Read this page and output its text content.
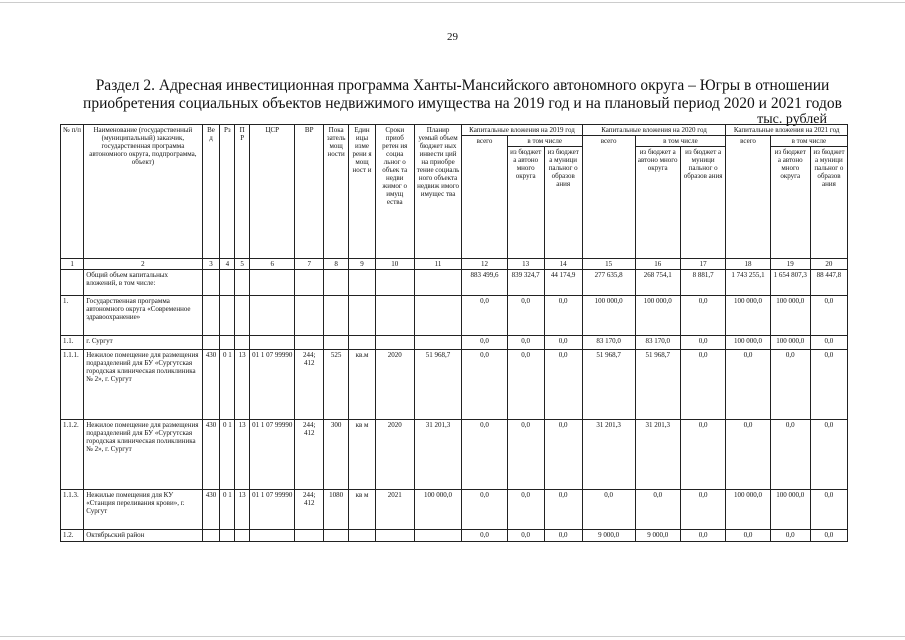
29
Раздел 2. Адресная инвестиционная программа Ханты-Мансийского автономного округа – Югры в отношении
приобретения социальных объектов недвижимого имущества на 2019 год и на плановый период 2020 и 2021 годов
тыс. рублей
№ п/п	Наименование (государственный (муниципальный) заказчик, государственная программа автономного округа, подпрограмма, объект)	Ве д	Рз	П Р	ЦСР	ВР	Пока затель мощ ности	Един ицы изме рени я мощ ност и	Сроки приоб ретен ия социа льног о объек та недви жимог о имущ ества	Планир уемый объем бюджет ных инвести ций на приобре тение социаль ного объекта недвиж имого имущес тва	Капитальные вложения на 2019 год			Капитальные вложения на 2020 год			Капитальные вложения на 2021 год		
											всего	в том числе		всего	в том числе		всего	в том числе	
												из бюджет а автоно много округа	из бюджет а муници пальног о образов ания		из бюджет а автоно много округа	из бюджет а муници пальног о образов ания		из бюджет а автоно много округа	из бюджет а муници пальног о образов ания
1	2	3	4	5	6	7	8	9	10	11	12	13	14	15	16	17	18	19	20
	Общий объем капитальных вложений, в том числе:										883 499,6	839 324,7	44 174,9	277 635,8	268 754,1	8 881,7	1 743 255,1	1 654 807,3	88 447,8
1.	Государственная программа автономного округа «Современное здравоохранение»										0,0	0,0	0,0	100 000,0	100 000,0	0,0	100 000,0	100 000,0	0,0
1.1.	г. Сургут										0,0	0,0	0,0	83 170,0	83 170,0	0,0	100 000,0	100 000,0	0,0
1.1.1.	Нежилое помещение для размещения подразделений для БУ «Сургутская городская клиническая поликлиника № 2», г. Сургут	430	0 1	13	01 1 07 99990	244; 412	525	кв.м	2020	51 968,7	0,0	0,0	0,0	51 968,7	51 968,7	0,0	0,0	0,0	0,0
1.1.2.	Нежилое помещение для размещения подразделений для БУ «Сургутская городская клиническая поликлиника № 2», г. Сургут	430	0 1	13	01 1 07 99990	244; 412	300	кв м	2020	31 201,3	0,0	0,0	0,0	31 201,3	31 201,3	0,0	0,0	0,0	0,0
1.1.3.	Нежилые помещения для КУ «Станция переливания крови», г. Сургут	430	0 1	13	01 1 07 99990	244; 412	1080	кв м	2021	100 000,0	0,0	0,0	0,0	0,0	0,0	0,0	100 000,0	100 000,0	0,0
1.2.	Октябрьский район										0,0	0,0	0,0	9 000,0	9 000,0	0,0	0,0	0,0	0,0
